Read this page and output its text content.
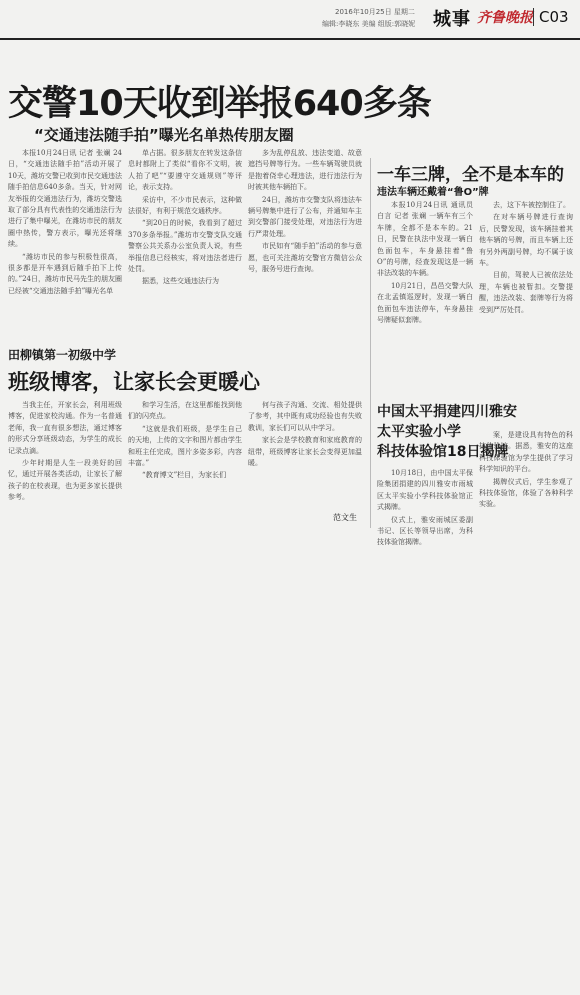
2016年10月25日 星期二
编辑:李晓东 美编 组版:郭晓妮 城事 齐鲁晚报 C03
交警10天收到举报640多条
“交通违法随手拍”曝光名单热传朋友圈

本报10月24日讯 记者 张斓 24日，“交通违法随手拍”活动开展了10天，潍坊交警已收到市民交通违法随手拍信息640多条。当天，针对网友举报的交通违法行为，潍坊交警选取了部分具有代表性的交通违法行为进行了集中曝光，在潍坊市民的朋友圈中热传，警方表示，曝光还将继续。

“潍坊市民的参与积极性很高，很多都是开车遇到后随手拍下上传的。”24日，潍坊市民马先生的朋友圈已经被“交通违法随手拍”曝光名单

单占据。很多朋友在转发这条信息时都附上了类似“看你不文明，被人拍了吧”“要遵守交通规则”等评论，表示支持。

采访中，不少市民表示，这种做法很好，有利于规范交通秩序。

“到20日的时候，我看到了超过370多条举报。”潍坊市交警支队交通警察公共关系办公室负责人说，有些举报信息已经核实，将对违法者进行处罚。

据悉，这些交通违法行为

多为乱停乱放、违法变道、故意遮挡号牌等行为。一些车辆驾驶员就是抱着侥幸心理违法，进行违法行为时被其他车辆拍下。

24日，潍坊市交警支队将违法车辆号牌集中进行了公布，并通知车主到交警部门接受处理，对违法行为进行严肃处理。

市民如有“随手拍”活动的参与意愿，也可关注潍坊交警官方微信公众号，服务号进行查询。

田柳镇第一初级中学
班级博客，让家长会更暖心

当我主任，开家长会，利用班级博客，促进家校沟通。作为一名普通老师，我一直有很多想法，通过博客的形式分享班级动态，为学生的成长记录点滴。

少年时期是人生一段美好的回忆，通过开展各类活动，让家长了解孩子的在校表现，也为更多家长提供参考。

和学习生活，在这里都能找到他们的闪亮点。

“这就是我们班级，是学生自己的天地，上传的文字和图片都由学生和班主任完成，图片多姿多彩，内容丰富。”

“教育博文”栏目，为家长们

何与孩子沟通、交流、相处提供了参考，其中既有成功经验也有失败教训，家长们可以从中学习。

家长会是学校教育和家庭教育的纽带，班级博客让家长会变得更加温暖。

范文生
一车三牌，全不是本车的
违法车辆还戴着“鲁O”牌

本报10月24日讯 通讯员 白言 记者 张斓 一辆车有三个车牌，全都不是本车的。21日，民警在执法中发现一辆白色面包车，车身悬挂着“鲁O”的号牌，经查发现这是一辆非法改装的车辆。

10月21日，昌邑交警大队在北孟镇巡逻时，发现一辆白色面包车违法停车，车身悬挂号牌疑似套牌。

去，这下车被控制住了。

在对车辆号牌进行查询后，民警发现，该车辆挂着其他车辆的号牌，而且车辆上还有另外两副号牌，均不属于该车。

目前，驾驶人已被依法处理，车辆也被暂扣。交警提醒，违法改装、套牌等行为将受到严厉处罚。

中国太平捐建四川雅安
太平实验小学
科技体验馆18日揭牌

10月18日，由中国太平保险集团捐建的四川雅安市雨城区太平实验小学科技体验馆正式揭牌。

仪式上，雅安雨城区委副书记、区长等领导出席，为科技体验馆揭牌。

案，是建设具有特色的科技体验馆。据悉，雅安的这座科技体验馆为学生提供了学习科学知识的平台。

揭牌仪式后，学生参观了科技体验馆，体验了各种科学实验。
